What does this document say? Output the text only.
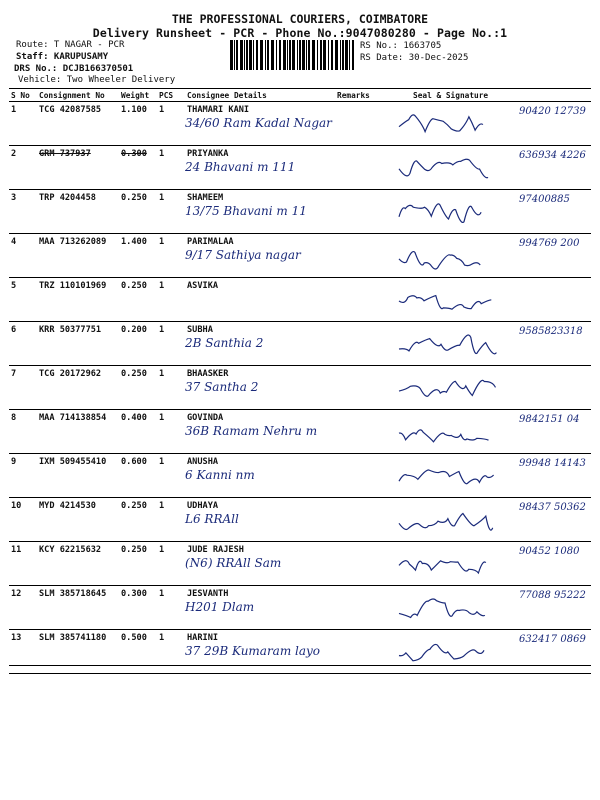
THE PROFESSIONAL COURIERS, COIMBATORE
Delivery Runsheet - PCR - Phone No.:9047080280 - Page No.:1
Route: T NAGAR - PCR
Staff: KARUPUSAMY
DRS No.: DCJB166370501
Vehicle: Two Wheeler Delivery
RS No.: 1663705
RS Date: 30-Dec-2025
S No	Consignment No	Weight	PCS	Consignee Details	Remarks	Seal & Signature
1	TCG 42087585	1.100	1	THAMARI KANI
34/60 Ram Kadal Nagar		90420 12739

2	GRM 737937	0.300	1	PRIYANKA
24 Bhavani m 111		636934 4226

3	TRP 4204458	0.250	1	SHAMEEM
13/75 Bhavani m 11		97400885

4	MAA 713262089	1.400	1	PARIMALAA
9/17 Sathiya nagar		994769 200

5	TRZ 110101969	0.250	1	ASVIKA

6	KRR 50377751	0.200	1	SUBHA
2B Santhia 2		9585823318

7	TCG 20172962	0.250	1	BHAASKER
37 Santha 2

8	MAA 714138854	0.400	1	GOVINDA
36B Ramam Nehru m		9842151 04

9	IXM 509455410	0.600	1	ANUSHA
6 Kanni nm		99948 14143

10	MYD 4214530	0.250	1	UDHAYA
L6 RRAll		98437 50362

11	KCY 62215632	0.250	1	JUDE RAJESH
(N6) RRAll Sam		90452 1080

12	SLM 385718645	0.300	1	JESVANTH
H201 Dlam		77088 95222

13	SLM 385741180	0.500	1	HARINI
37 29B Kumaram layo		632417 0869
